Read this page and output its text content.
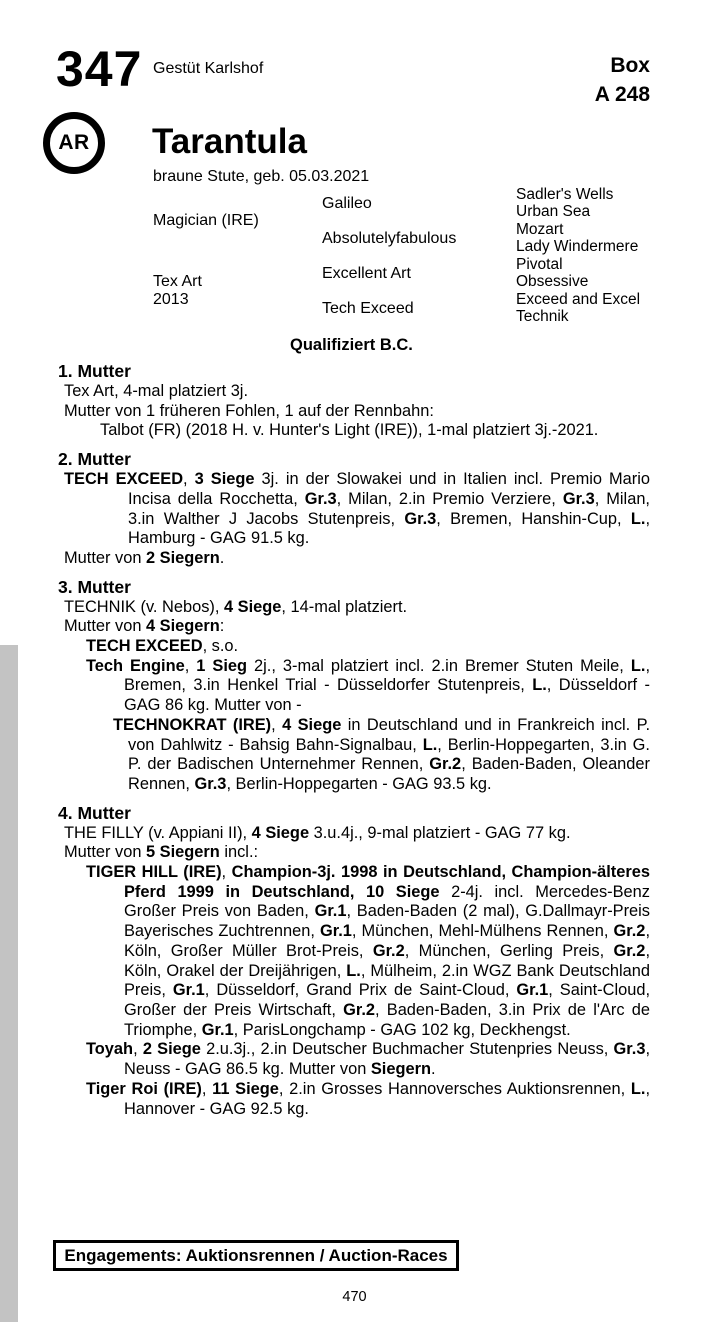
347 Gestüt Karlshof	Box
A 248
AR Tarantula
braune Stute, geb. 05.03.2021
Magician (IRE)
Tex Art
2013
Galileo
Absolutelyfabulous
Excellent Art
Tech Exceed
Sadler's Wells
Urban Sea
Mozart
Lady Windermere
Pivotal
Obsessive
Exceed and Excel
Technik
Qualifiziert B.C.
1. Mutter

Tex Art, 4-mal platziert 3j.

Mutter von 1 früheren Fohlen, 1 auf der Rennbahn:

Talbot (FR) (2018 H. v. Hunter's Light (IRE)), 1-mal platziert 3j.-2021.

2. Mutter

TECH EXCEED, 3 Siege 3j. in der Slowakei und in Italien incl. Premio Mario Incisa della Rocchetta, Gr.3, Milan, 2.in Premio Verziere, Gr.3, Milan, 3.in Walther J Jacobs Stutenpreis, Gr.3, Bremen, Hanshin-Cup, L., Hamburg - GAG 91.5 kg.

Mutter von 2 Siegern.

3. Mutter

TECHNIK (v. Nebos), 4 Siege, 14-mal platziert.

Mutter von 4 Siegern:

TECH EXCEED, s.o.

Tech Engine, 1 Sieg 2j., 3-mal platziert incl. 2.in Bremer Stuten Meile, L., Bremen, 3.in Henkel Trial - Düsseldorfer Stutenpreis, L., Düsseldorf - GAG 86 kg. Mutter von -

TECHNOKRAT (IRE), 4 Siege in Deutschland und in Frankreich incl. P. von Dahlwitz - Bahsig Bahn-Signalbau, L., Berlin-Hoppegarten, 3.in G. P. der Badischen Unternehmer Rennen, Gr.2, Baden-Baden, Oleander Rennen, Gr.3, Berlin-Hoppegarten - GAG 93.5 kg.

4. Mutter

THE FILLY (v. Appiani II), 4 Siege 3.u.4j., 9-mal platziert - GAG 77 kg.

Mutter von 5 Siegern incl.:

TIGER HILL (IRE), Champion-3j. 1998 in Deutschland, Champion-älteres Pferd 1999 in Deutschland, 10 Siege 2-4j. incl. Mercedes-Benz Großer Preis von Baden, Gr.1, Baden-Baden (2 mal), G.Dallmayr-Preis Bayerisches Zuchtrennen, Gr.1, München, Mehl-Mülhens Rennen, Gr.2, Köln, Großer Müller Brot-Preis, Gr.2, München, Gerling Preis, Gr.2, Köln, Orakel der Dreijährigen, L., Mülheim, 2.in WGZ Bank Deutschland Preis, Gr.1, Düsseldorf, Grand Prix de Saint-Cloud, Gr.1, Saint-Cloud, Großer der Preis Wirtschaft, Gr.2, Baden-Baden, 3.in Prix de l'Arc de Triomphe, Gr.1, ParisLongchamp - GAG 102 kg, Deckhengst.

Toyah, 2 Siege 2.u.3j., 2.in Deutscher Buchmacher Stutenpries Neuss, Gr.3, Neuss - GAG 86.5 kg. Mutter von Siegern.

Tiger Roi (IRE), 11 Siege, 2.in Grosses Hannoversches Auktionsrennen, L., Hannover - GAG 92.5 kg.

Engagements: Auktionsrennen / Auction-Races
470
